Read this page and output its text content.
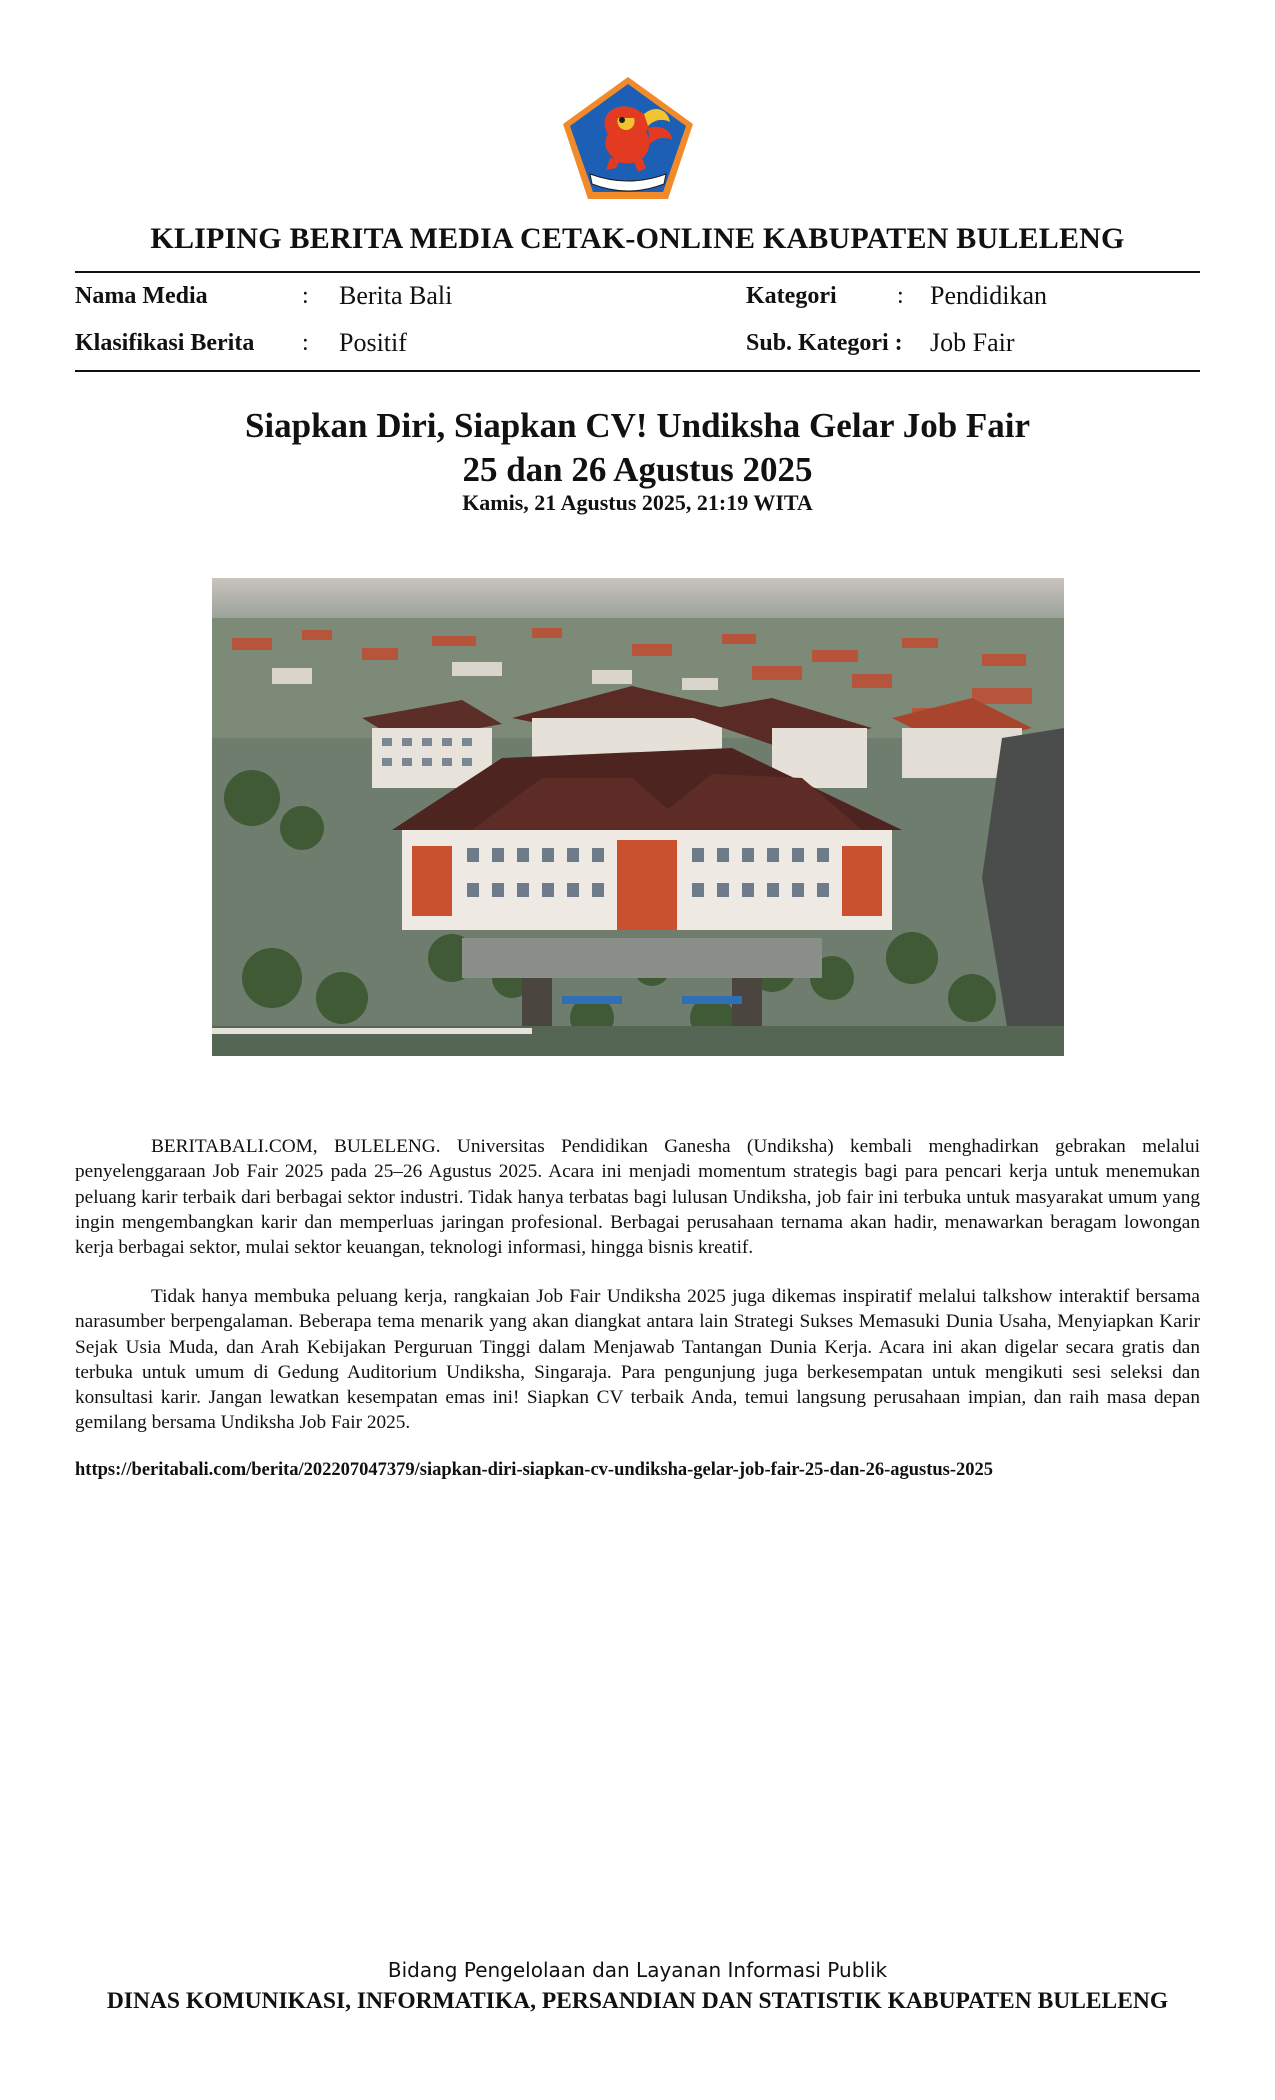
KLIPING BERITA MEDIA CETAK-ONLINE KABUPATEN BULELENG
Nama Media	: Berita Bali
Klasifikasi Berita : Positif
Kategori	: Pendidikan
Sub. Kategori : Job Fair
Siapkan Diri, Siapkan CV! Undiksha Gelar Job Fair
25 dan 26 Agustus 2025
Kamis, 21 Agustus 2025, 21:19 WITA

BERITABALI.COM, BULELENG. Universitas Pendidikan Ganesha (Undiksha) kembali menghadirkan gebrakan melalui penyelenggaraan Job Fair 2025 pada 25–26 Agustus 2025. Acara ini menjadi momentum strategis bagi para pencari kerja untuk menemukan peluang karir terbaik dari berbagai sektor industri. Tidak hanya terbatas bagi lulusan Undiksha, job fair ini terbuka untuk masyarakat umum yang ingin mengembangkan karir dan memperluas jaringan profesional. Berbagai perusahaan ternama akan hadir, menawarkan beragam lowongan kerja berbagai sektor, mulai sektor keuangan, teknologi informasi, hingga bisnis kreatif.

Tidak hanya membuka peluang kerja, rangkaian Job Fair Undiksha 2025 juga dikemas inspiratif melalui talkshow interaktif bersama narasumber berpengalaman. Beberapa tema menarik yang akan diangkat antara lain Strategi Sukses Memasuki Dunia Usaha, Menyiapkan Karir Sejak Usia Muda, dan Arah Kebijakan Perguruan Tinggi dalam Menjawab Tantangan Dunia Kerja. Acara ini akan digelar secara gratis dan terbuka untuk umum di Gedung Auditorium Undiksha, Singaraja. Para pengunjung juga berkesempatan untuk mengikuti sesi seleksi dan konsultasi karir. Jangan lewatkan kesempatan emas ini! Siapkan CV terbaik Anda, temui langsung perusahaan impian, dan raih masa depan gemilang bersama Undiksha Job Fair 2025.

https://beritabali.com/berita/202207047379/siapkan-diri-siapkan-cv-undiksha-gelar-job-fair-25-dan-26-agustus-2025
Bidang Pengelolaan dan Layanan Informasi Publik
DINAS KOMUNIKASI, INFORMATIKA, PERSANDIAN DAN STATISTIK KABUPATEN BULELENG
